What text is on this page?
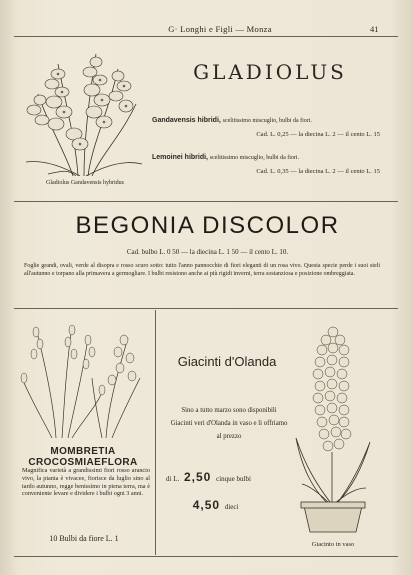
G· Longhi e Figli — Monza	41
Gladiolus Gandavensis hybridus
GLADIOLUS
Gandavensis hibridi, scelitissimo miscuglio, bulbi da fiori.
Cad. L. 0,25 — la diecina L. 2 — il cento L. 15
Lemoinei hibridi, scelitissimo miscuglio, bulbi da fiori.
Cad. L. 0,35 — la diecina L. 2 — il cento L. 15
BEGONIA DISCOLOR
Cad. bulbo L. 0 50 — la diecina L. 1 50 — il cento L. 10.
Foglie grandi, ovali, verde al disopra e rosso scuro sotto: tutto l'anno pannocchie di fiori eleganti di un rosa vivo. Questa specie perde i suoi steli all'autunno e torpano alla primavera a germogliare. I bulbi resistono anche ai più rigidi inverni, terra sostanziosa e posizione ombreggiata.
MOMBRETIA CROCOSMIAEFLORA
Magnifica varietà a grandissimi fiori rosso arancio vivo, la pianta è vivacee, fiorisce da luglio sino al tardo autunno, regge benissimo in piena terra, ma è conveniente levare e dividere i bulbi ogni 3 anni.
10 Bulbi da fiore L. 1
Giacinti d'Olanda
Sino a tutto marzo sono disponibili Giacinti veri d'Olanda in vaso e li offriamo al prezzo
di L. 2,50 cinque bulbi
4,50 dieci
Giacinto in vaso
